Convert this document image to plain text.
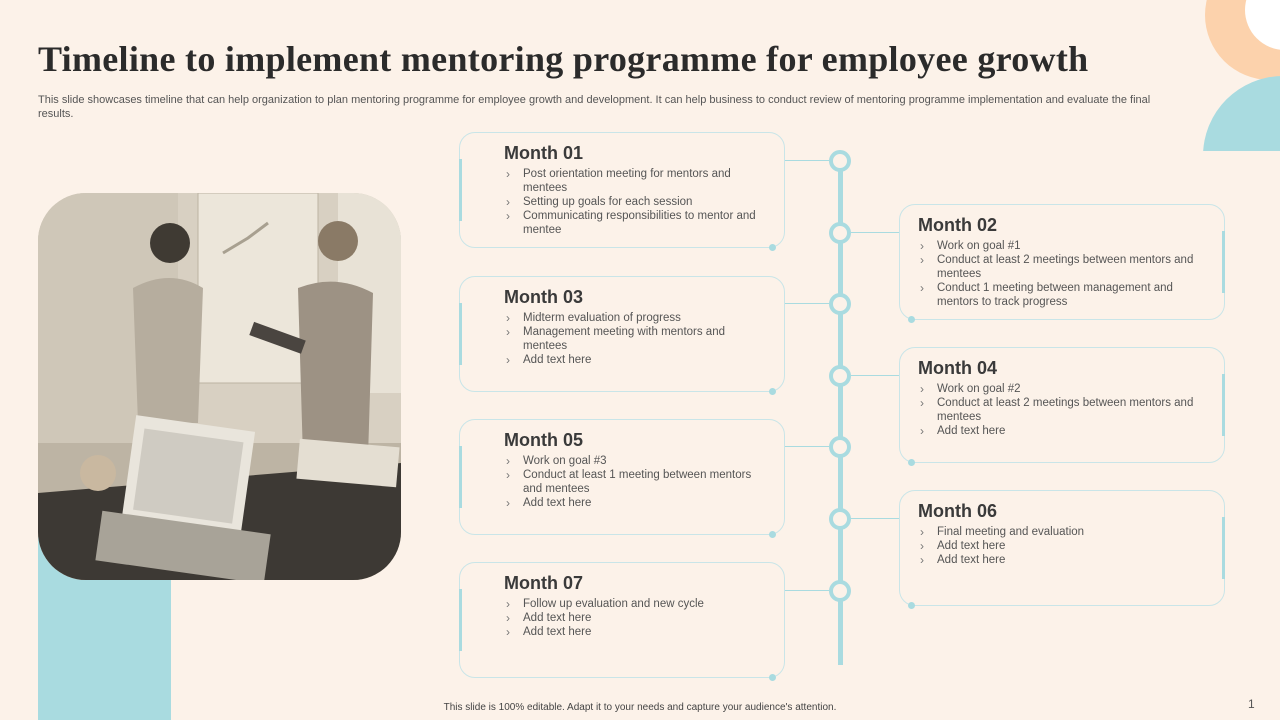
Timeline to implement mentoring programme for employee growth
This slide showcases timeline that can help organization to plan mentoring programme for employee growth and development. It can help business to conduct review of mentoring programme implementation and evaluate the final results.
Month 01
› Post orientation meeting for mentors and mentees
› Setting up goals for each session
› Communicating responsibilities to mentor and mentee	Month 02
› Work on goal #1
› Conduct at least 2 meetings between mentors and mentees
› Conduct 1 meeting between management and mentors to track progress
Month 03
› Midterm evaluation of progress
› Management meeting with mentors and mentees
› Add text here	Month 04
› Work on goal #2
› Conduct at least 2 meetings between mentors and mentees
› Add text here
Month 05
› Work on goal #3
› Conduct at least 1 meeting between mentors and mentees
› Add text here	Month 06
› Final meeting and evaluation
› Add text here
› Add text here
Month 07
› Follow up evaluation and new cycle
› Add text here
› Add text here
This slide is 100% editable. Adapt it to your needs and capture your audience's attention.	1
